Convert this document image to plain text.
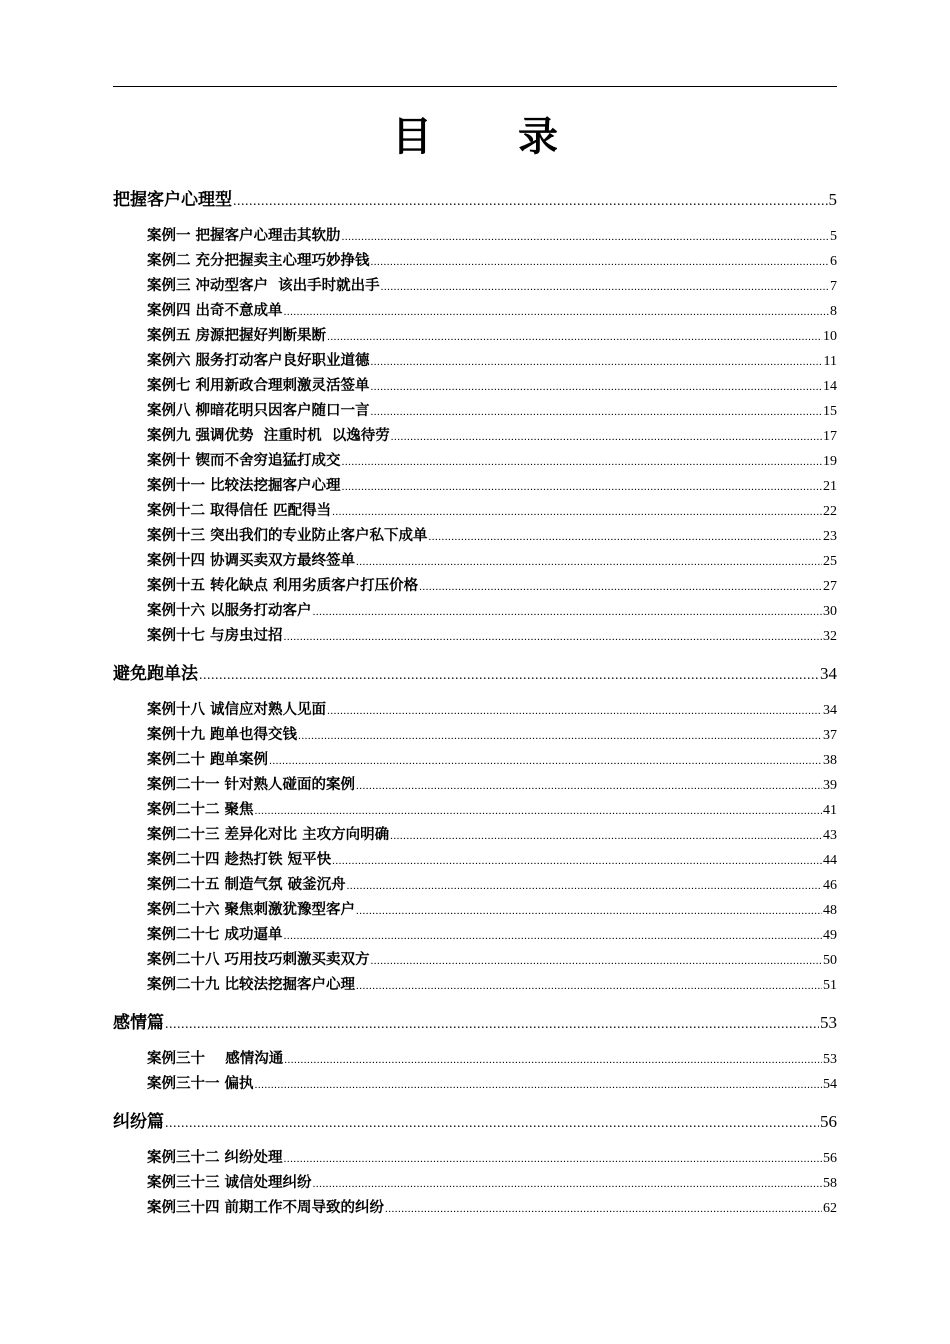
目 录
把握客户心理型 .....	5
案例一 把握客户心理击其软肋 .....	5
案例二 充分把握卖主心理巧妙挣钱 .....	6
案例三 冲动型客户  该出手时就出手 .....	7
案例四 出奇不意成单 .....	8
案例五 房源把握好判断果断 .....	10
案例六 服务打动客户良好职业道德 .....	11
案例七 利用新政合理刺激灵活签单 .....	14
案例八 柳暗花明只因客户随口一言 .....	15
案例九 强调优势  注重时机  以逸待劳 .....	17
案例十 锲而不舍穷追猛打成交 .....	19
案例十一 比较法挖掘客户心理 .....	21
案例十二 取得信任 匹配得当 .....	22
案例十三 突出我们的专业防止客户私下成单 .....	23
案例十四 协调买卖双方最终签单 .....	25
案例十五 转化缺点 利用劣质客户打压价格 .....	27
案例十六 以服务打动客户 .....	30
案例十七 与房虫过招 .....	32
避免跑单法 .....	34
案例十八 诚信应对熟人见面 .....	34
案例十九 跑单也得交钱 .....	37
案例二十 跑单案例 .....	38
案例二十一 针对熟人碰面的案例 .....	39
案例二十二 聚焦 .....	41
案例二十三 差异化对比 主攻方向明确 .....	43
案例二十四 趁热打铁 短平快 .....	44
案例二十五 制造气氛 破釜沉舟 .....	46
案例二十六 聚焦刺激犹豫型客户 .....	48
案例二十七 成功逼单 .....	49
案例二十八 巧用技巧刺激买卖双方 .....	50
案例二十九 比较法挖掘客户心理 .....	51
感情篇 .....	53
案例三十    感情沟通 .....	53
案例三十一 偏执 .....	54
纠纷篇 .....	56
案例三十二 纠纷处理 .....	56
案例三十三 诚信处理纠纷 .....	58
案例三十四 前期工作不周导致的纠纷 .....	62
